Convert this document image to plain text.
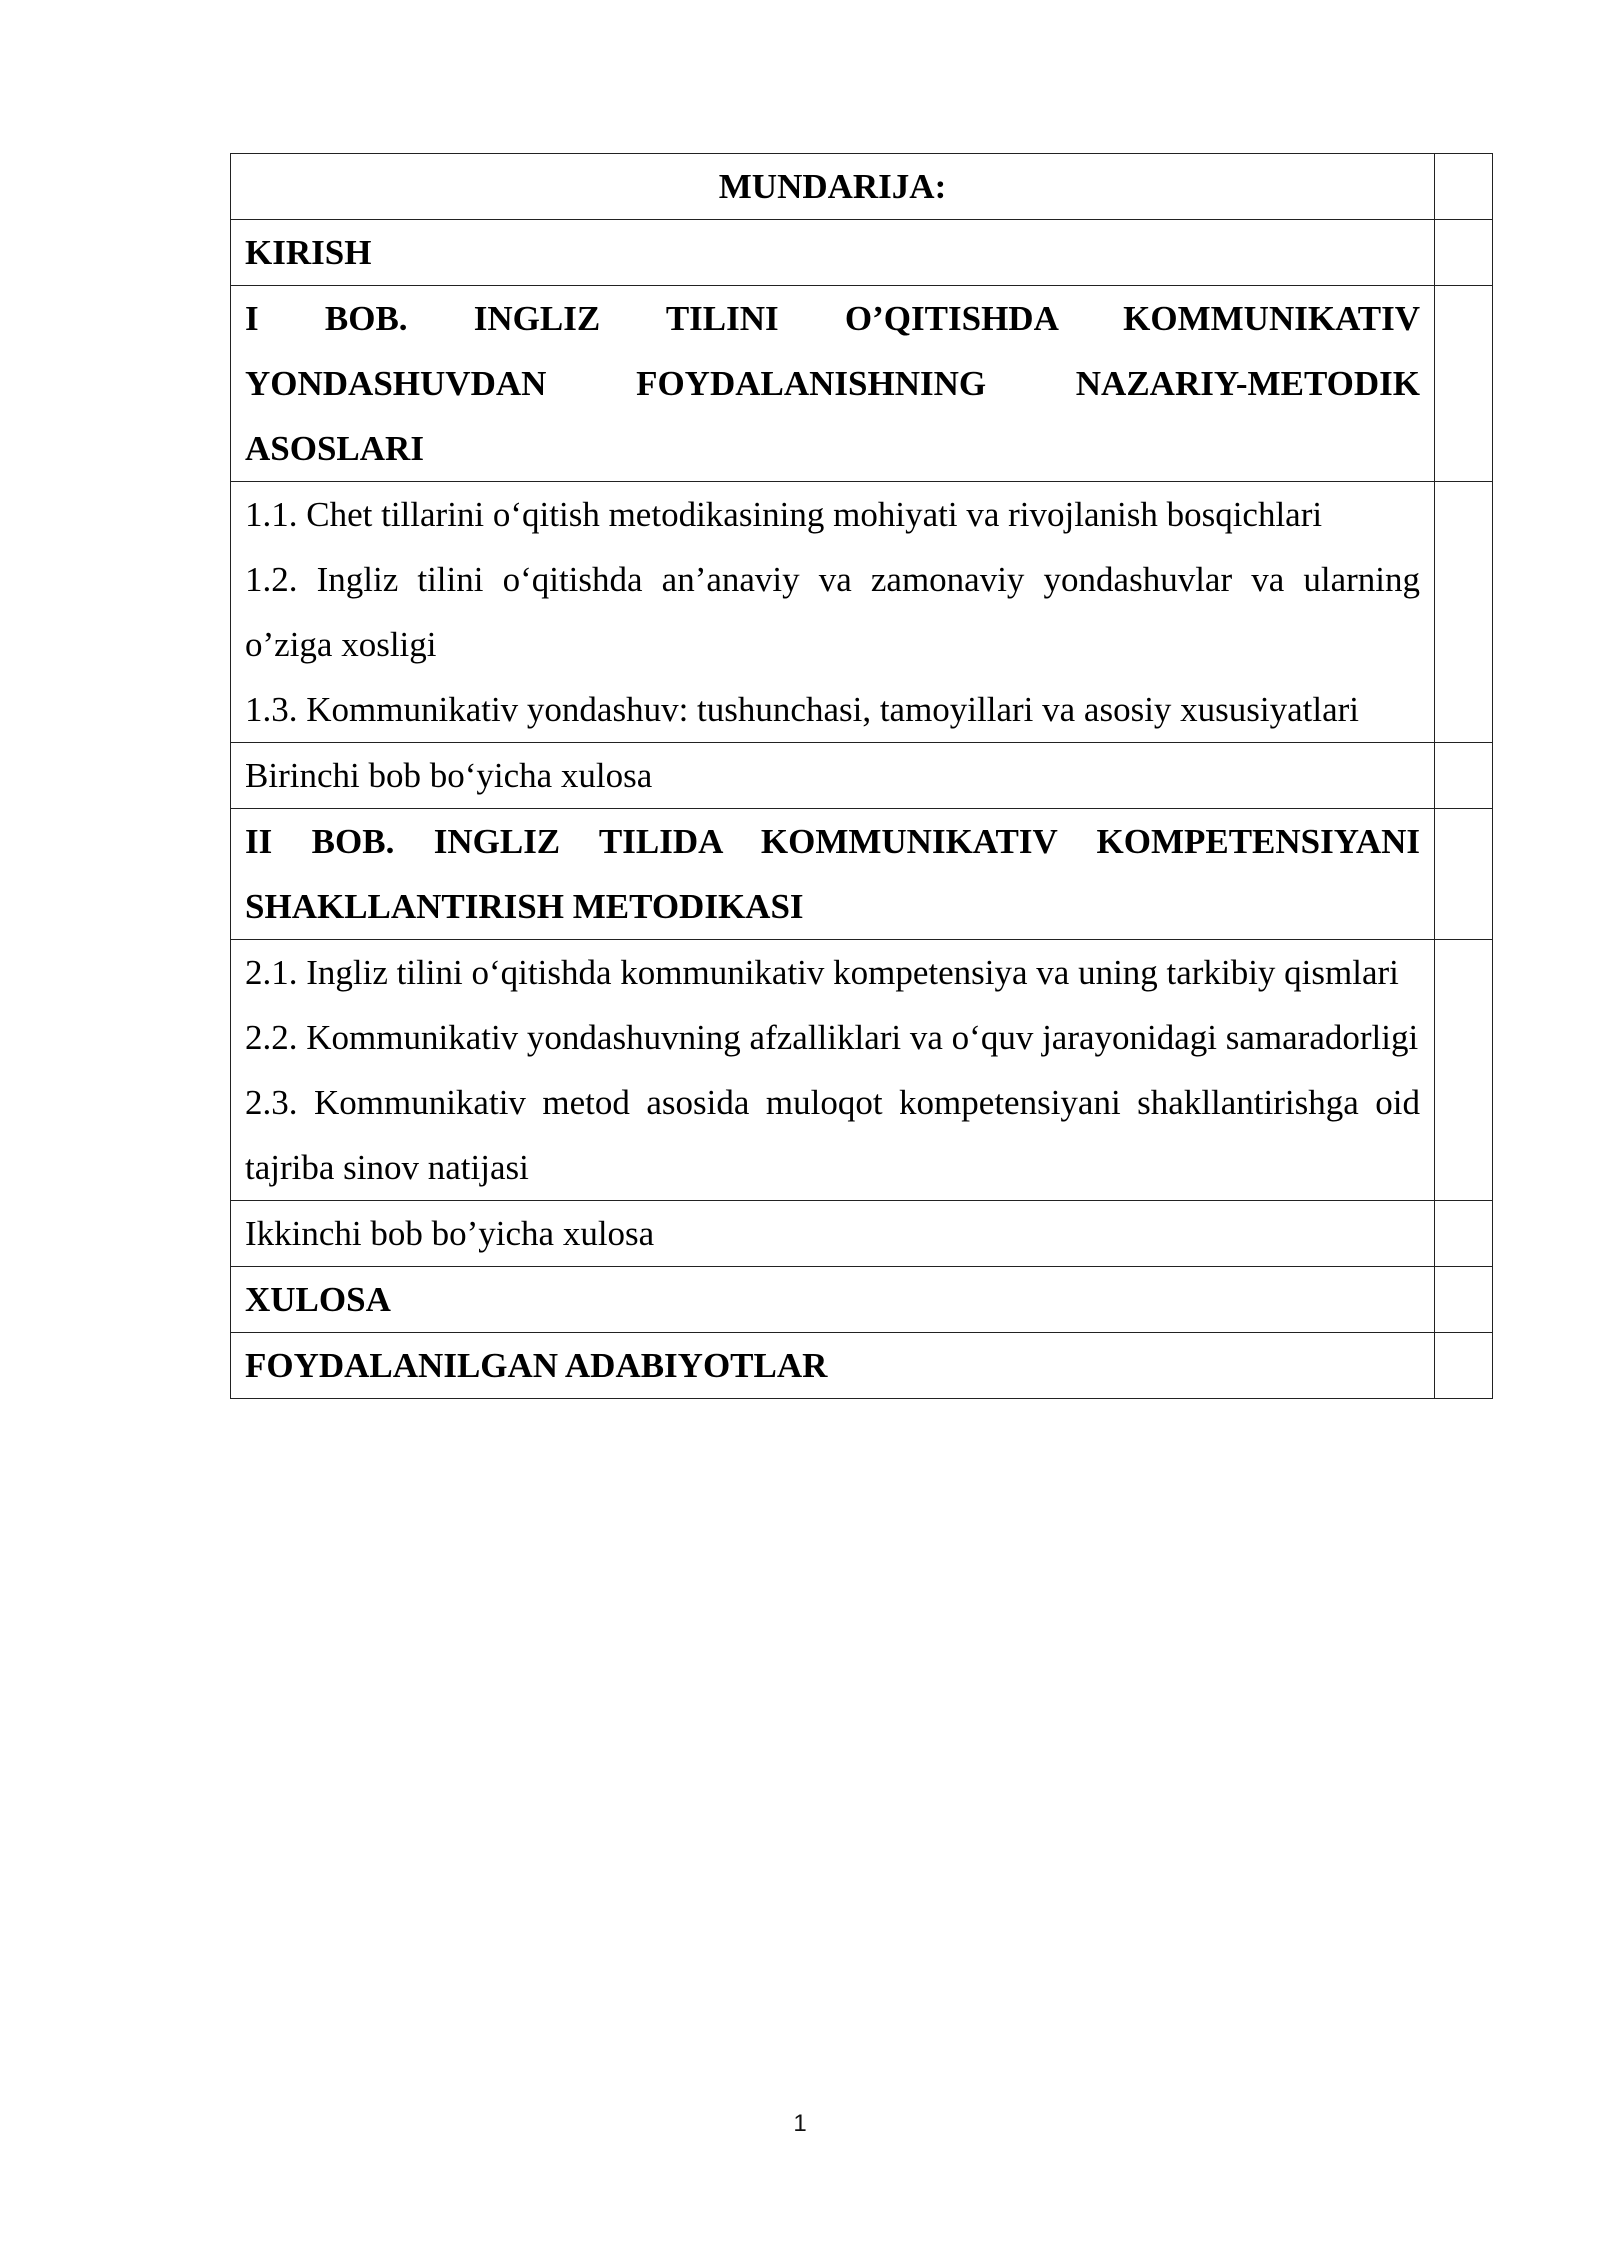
MUNDARIJA:	

KIRISH	

I BOB. INGLIZ TILINI O’QITISHDA KOMMUNIKATIV YONDASHUVDAN FOYDALANISHNING NAZARIY-METODIK ASOSLARI	

1.1. Chet tillarini o‘qitish metodikasining mohiyati va rivojlanish bosqichlari
1.2. Ingliz tilini o‘qitishda an’anaviy va zamonaviy yondashuvlar va ularning o’ziga xosligi
1.3. Kommunikativ yondashuv: tushunchasi, tamoyillari va asosiy xususiyatlari	

Birinchi bob bo‘yicha xulosa	

II BOB. INGLIZ TILIDA KOMMUNIKATIV KOMPETENSIYANI SHAKLLANTIRISH METODIKASI	

2.1. Ingliz tilini o‘qitishda kommunikativ kompetensiya va uning tarkibiy qismlari
2.2. Kommunikativ yondashuvning afzalliklari va o‘quv jarayonidagi samaradorligi
2.3. Kommunikativ metod asosida muloqot kompetensiyani shakllantirishga oid tajriba sinov natijasi	

Ikkinchi bob bo’yicha xulosa	

XULOSA	

FOYDALANILGAN ADABIYOTLAR	

1
